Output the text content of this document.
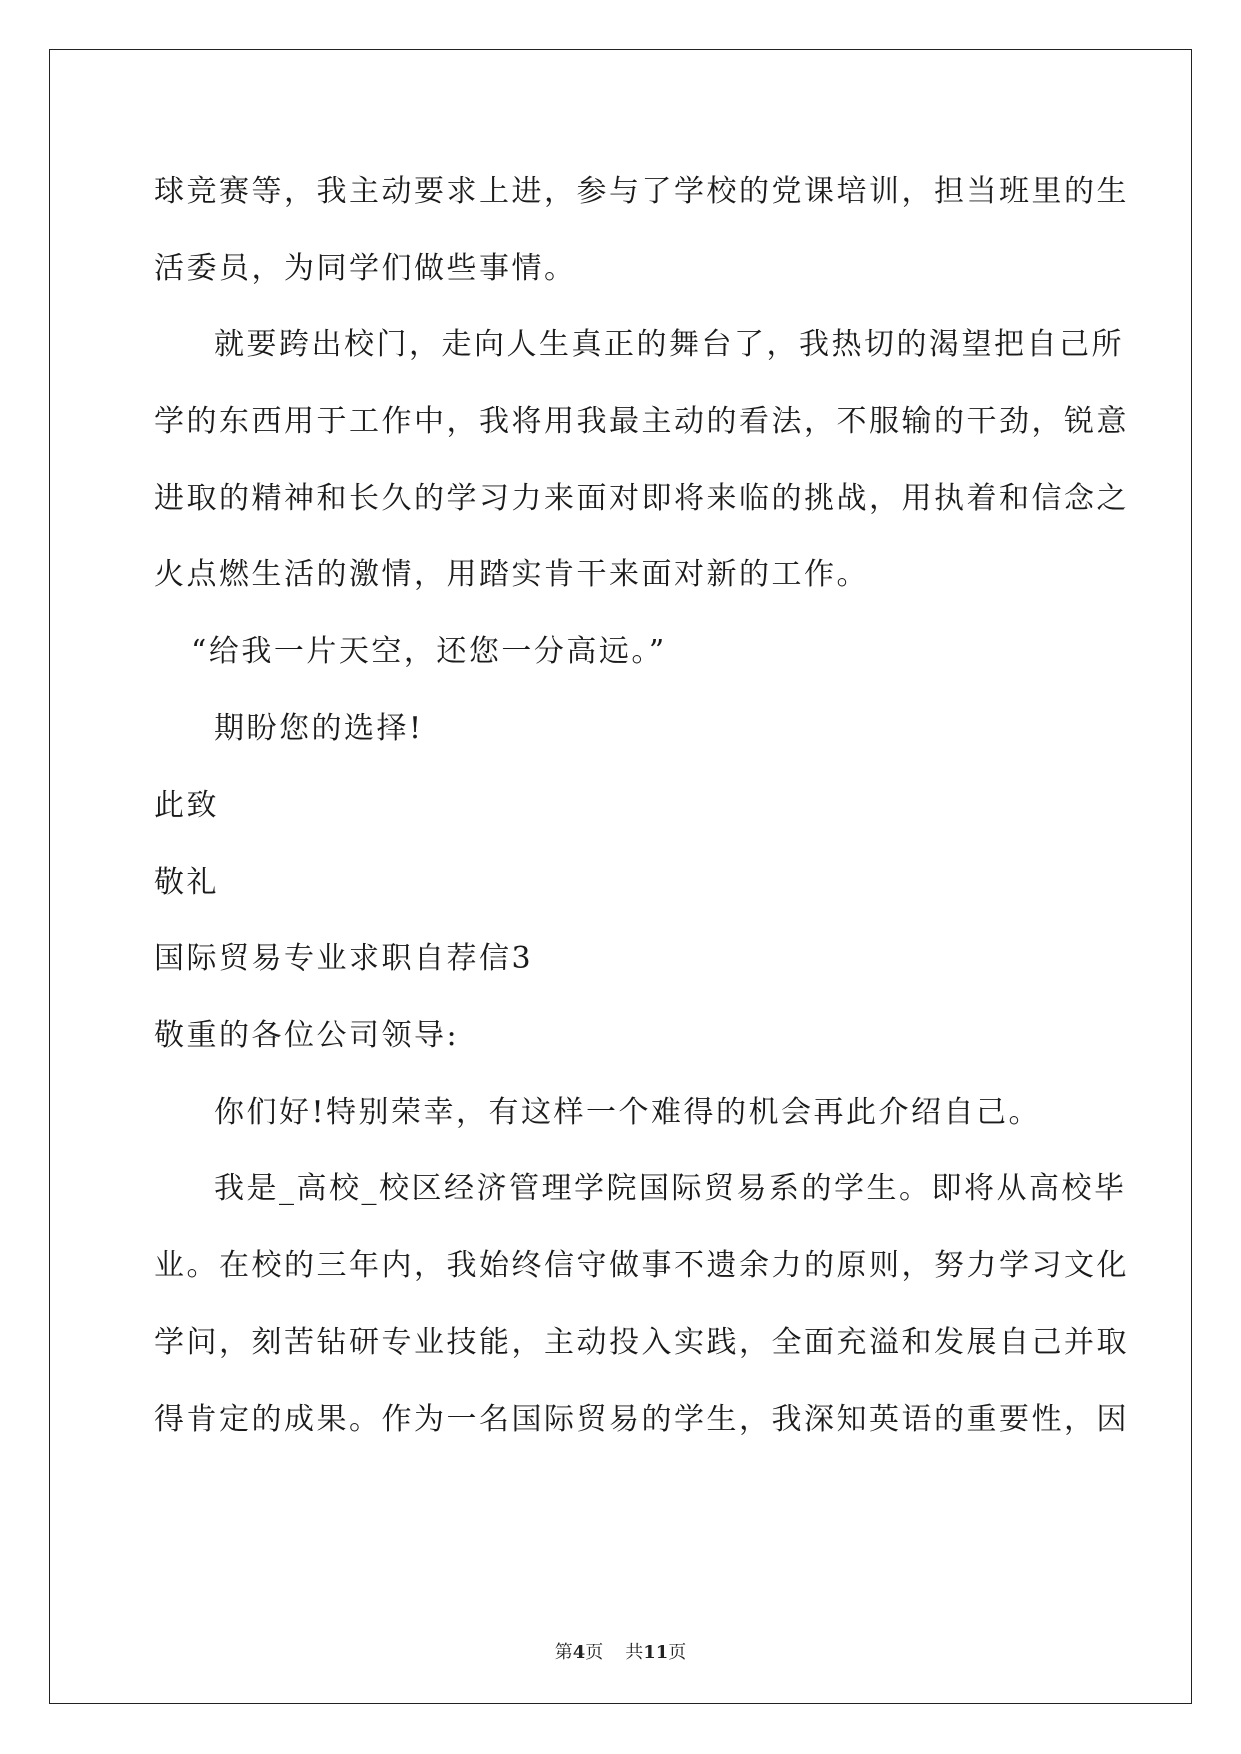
球竞赛等，我主动要求上进，参与了学校的党课培训，担当班里的生
活委员，为同学们做些事情。
就要跨出校门，走向人生真正的舞台了，我热切的渴望把自己所
学的东西用于工作中，我将用我最主动的看法，不服输的干劲，锐意
进取的精神和长久的学习力来面对即将来临的挑战，用执着和信念之
火点燃生活的激情，用踏实肯干来面对新的工作。
“给我一片天空，还您一分高远。”
期盼您的选择!
此致
敬礼
国际贸易专业求职自荐信3
敬重的各位公司领导:
你们好!特别荣幸，有这样一个难得的机会再此介绍自己。
我是_高校_校区经济管理学院国际贸易系的学生。即将从高校毕
业。在校的三年内，我始终信守做事不遗余力的原则，努力学习文化
学问，刻苦钻研专业技能，主动投入实践，全面充溢和发展自己并取
得肯定的成果。作为一名国际贸易的学生，我深知英语的重要性，因
第4页 共11页
